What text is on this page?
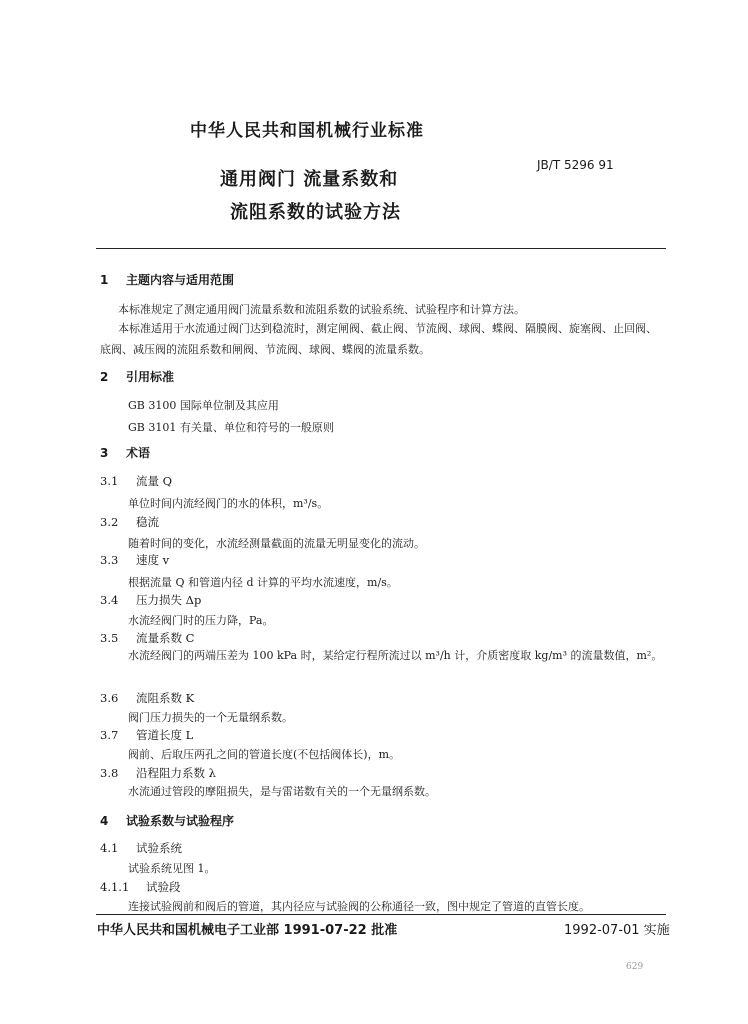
中华人民共和国机械行业标准
JB/T 5296 91
通用阀门 流量系数和
流阻系数的试验方法
1 主题内容与适用范围
本标准规定了测定通用阀门流量系数和流阻系数的试验系统、试验程序和计算方法。
本标准适用于水流通过阀门达到稳流时，测定闸阀、截止阀、节流阀、球阀、蝶阀、隔膜阀、旋塞阀、止回阀、底阀、减压阀的流阻系数和闸阀、节流阀、球阀、蝶阀的流量系数。
2 引用标准
GB 3100 国际单位制及其应用
GB 3101 有关量、单位和符号的一般原则
3 术语
3.1 流量 Q
单位时间内流经阀门的水的体积，m³/s。
3.2 稳流
随着时间的变化，水流经测量截面的流量无明显变化的流动。
3.3 速度 v
根据流量 Q 和管道内径 d 计算的平均水流速度，m/s。
3.4 压力损失 Δp
水流经阀门时的压力降，Pa。
3.5 流量系数 C
水流经阀门的两端压差为 100 kPa 时，某给定行程所流过以 m³/h 计，介质密度取 kg/m³ 的流量数值，m²。
3.6 流阻系数 K
阀门压力损失的一个无量纲系数。
3.7 管道长度 L
阀前、后取压两孔之间的管道长度(不包括阀体长)，m。
3.8 沿程阻力系数 λ
水流通过管段的摩阻损失，是与雷诺数有关的一个无量纲系数。
4 试验系数与试验程序
4.1 试验系统
试验系统见图 1。
4.1.1 试验段
连接试验阀前和阀后的管道，其内径应与试验阀的公称通径一致，图中规定了管道的直管长度。
中华人民共和国机械电子工业部 1991-07-22 批准	1992-07-01 实施
629
